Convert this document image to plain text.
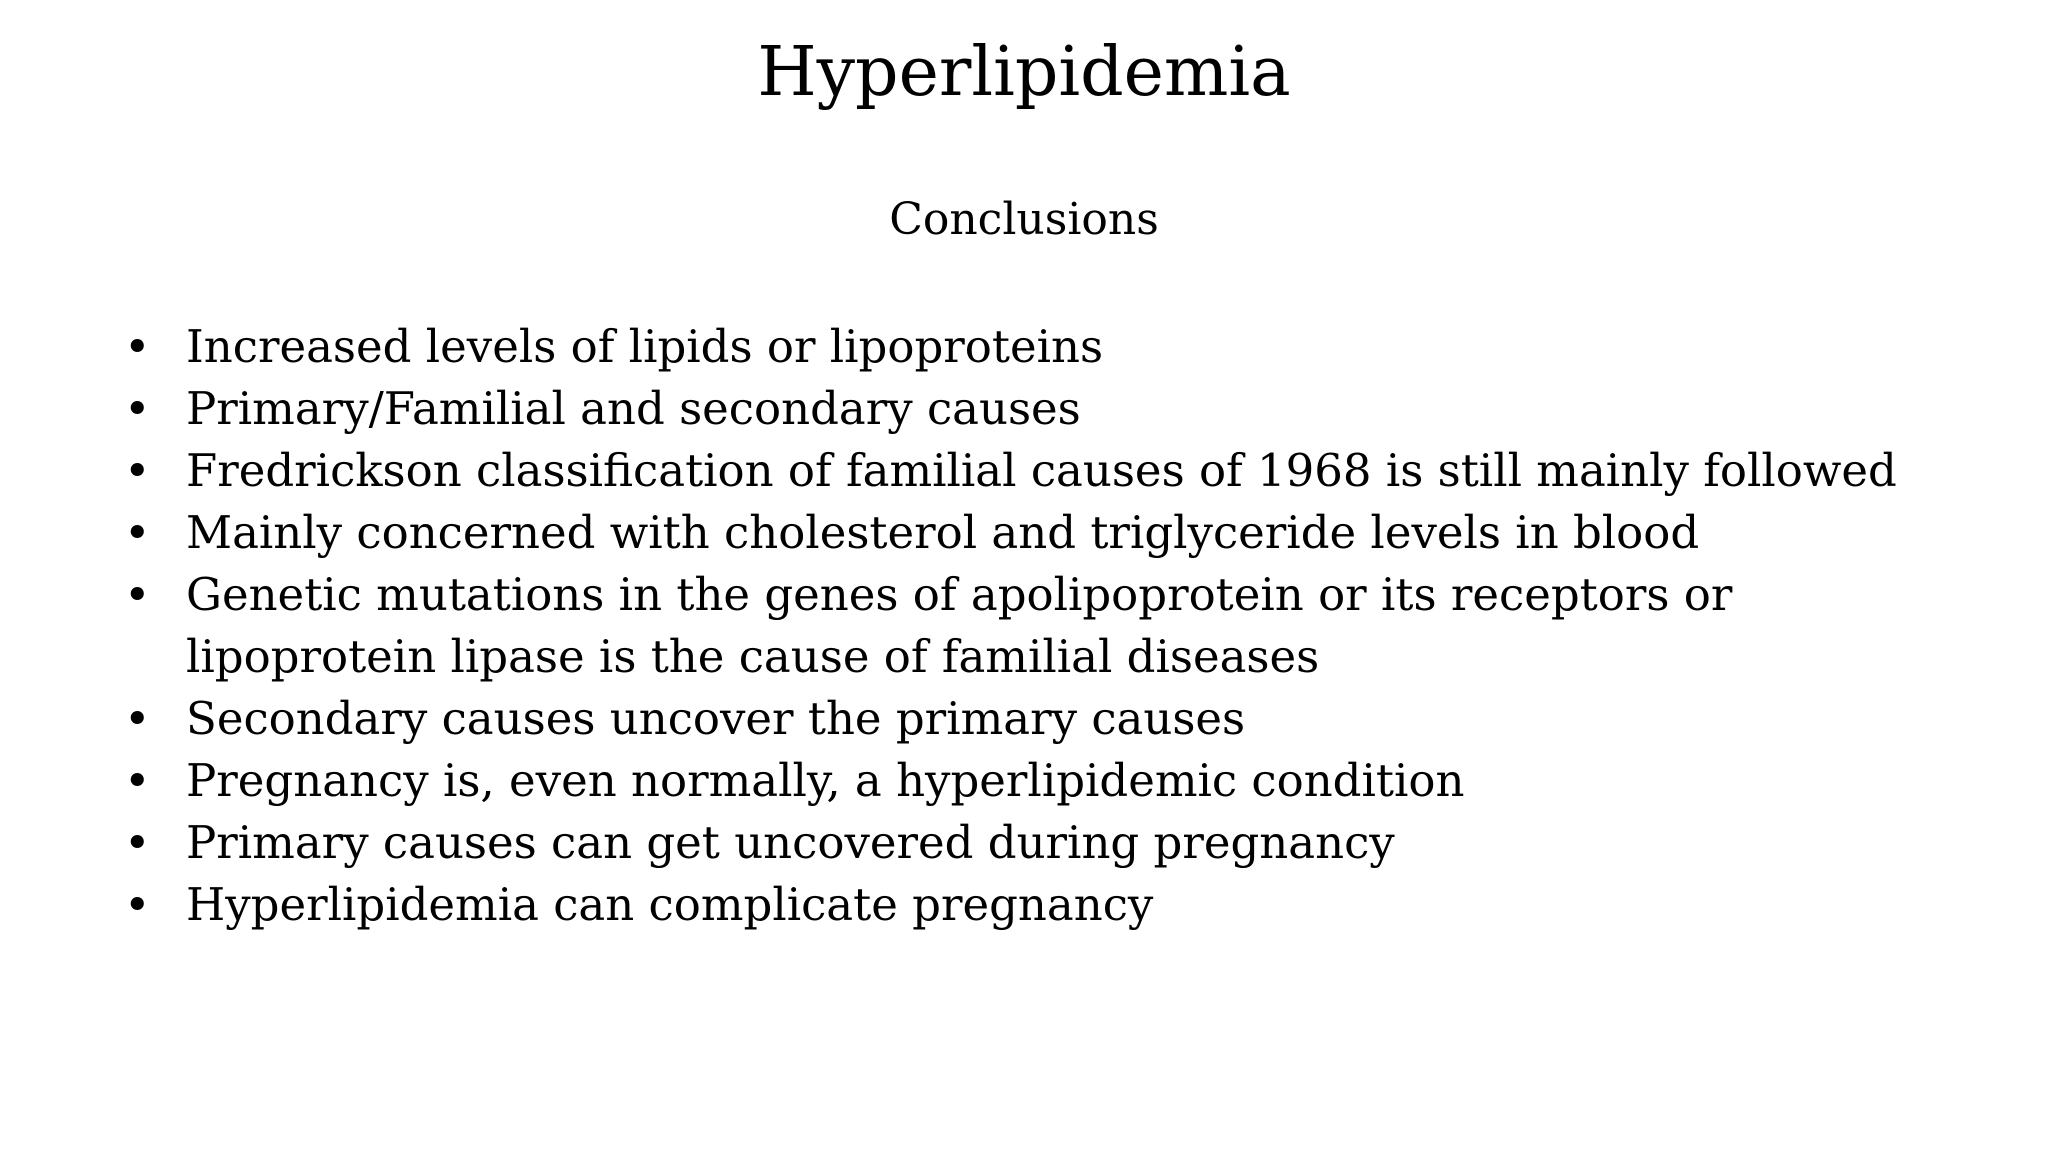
Hyperlipidemia
Conclusions
• Increased levels of lipids or lipoproteins
• Primary/Familial and secondary causes
• Fredrickson classification of familial causes of 1968 is still mainly followed
• Mainly concerned with cholesterol and triglyceride levels in blood
• Genetic mutations in the genes of apolipoprotein or its receptors or lipoprotein lipase is the cause of familial diseases
• Secondary causes uncover the primary causes
• Pregnancy is, even normally, a hyperlipidemic condition
• Primary causes can get uncovered during pregnancy
• Hyperlipidemia can complicate pregnancy
